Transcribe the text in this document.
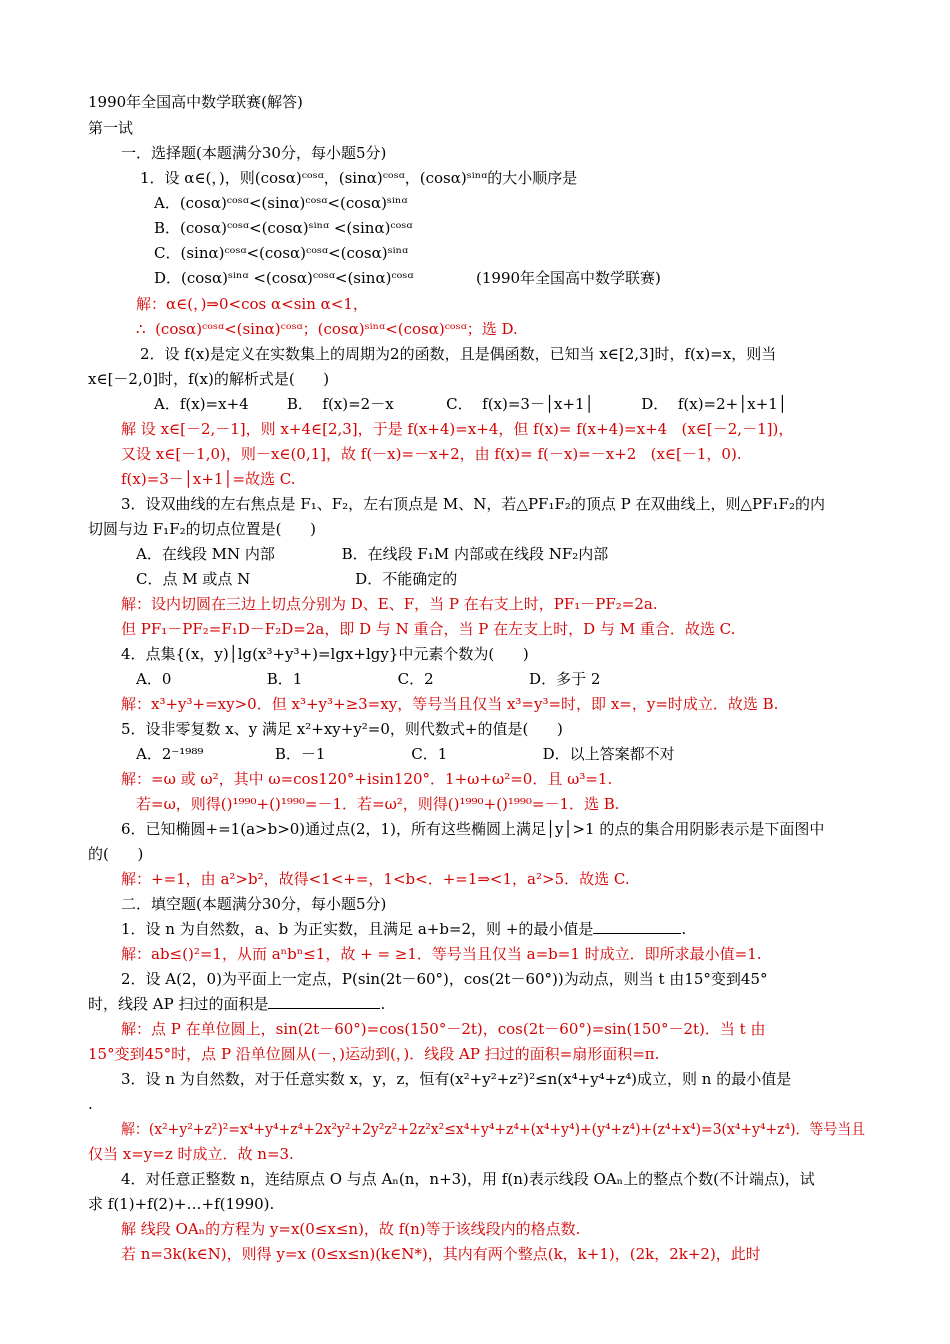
1990年全国高中数学联赛(解答)
第一试
一．选择题(本题满分30分，每小题5分)
1．设 α∈(，)，则(cosα)ᶜᵒˢᵅ，(sinα)ᶜᵒˢᵅ，(cosα)ˢⁱⁿᵅ的大小顺序是
A．(cosα)ᶜᵒˢᵅ<(sinα)ᶜᵒˢᵅ<(cosα)ˢⁱⁿᵅ
B．(cosα)ᶜᵒˢᵅ<(cosα)ˢⁱⁿᵅ <(sinα)ᶜᵒˢᵅ
C．(sinα)ᶜᵒˢᵅ<(cosα)ᶜᵒˢᵅ<(cosα)ˢⁱⁿᵅ
D．(cosα)ˢⁱⁿᵅ <(cosα)ᶜᵒˢᵅ<(sinα)ᶜᵒˢᵅ	(1990年全国高中数学联赛)
解：α∈(，)⇒0<cos α<sin α<1，
∴  (cosα)ᶜᵒˢᵅ<(sinα)ᶜᵒˢᵅ；(cosα)ˢⁱⁿᵅ<(cosα)ᶜᵒˢᵅ；选 D.
2．设 f(x)是定义在实数集上的周期为2的函数，且是偶函数，已知当 x∈[2,3]时，f(x)=x，则当
x∈[－2,0]时，f(x)的解析式是(      )
A．f(x)=x+4        B．  f(x)=2－x           C．  f(x)=3－│x+1│          D．  f(x)=2+│x+1│
解 设 x∈[－2,－1]，则 x+4∈[2,3]，于是 f(x+4)=x+4，但 f(x)= f(x+4)=x+4   (x∈[－2,－1])，
又设 x∈[－1,0)，则－x∈(0,1]，故 f(－x)=－x+2，由 f(x)= f(－x)=－x+2   (x∈[－1，0).
f(x)=3－│x+1│=故选 C.
3．设双曲线的左右焦点是 F₁、F₂，左右顶点是 M、N，若△PF₁F₂的顶点 P 在双曲线上，则△PF₁F₂的内
切圆与边 F₁F₂的切点位置是(      )
A．在线段 MN 内部              B．在线段 F₁M 内部或在线段 NF₂内部
C．点 M 或点 N                      D．不能确定的
解：设内切圆在三边上切点分别为 D、E、F，当 P 在右支上时，PF₁－PF₂=2a.
但 PF₁－PF₂=F₁D－F₂D=2a，即 D 与 N 重合，当 P 在左支上时，D 与 M 重合．故选 C.
4．点集{(x，y)│lg(x³+y³+)=lgx+lgy}中元素个数为(      )
A．0                    B．1                    C．2                    D．多于 2
解：x³+y³+=xy>0．但 x³+y³+≥3=xy，等号当且仅当 x³=y³=时，即 x=，y=时成立．故选 B.
5．设非零复数 x、y 满足 x²+xy+y²=0，则代数式+的值是(      )
A．2⁻¹⁹⁸⁹               B．－1                  C．1                    D．以上答案都不对
解：=ω 或 ω²，其中 ω=cos120°+isin120°．1+ω+ω²=0．且 ω³=1.
若=ω，则得()¹⁹⁹⁰+()¹⁹⁹⁰=－1．若=ω²，则得()¹⁹⁹⁰+()¹⁹⁹⁰=－1．选 B.
6．已知椭圆+=1(a>b>0)通过点(2，1)，所有这些椭圆上满足│y│>1 的点的集合用阴影表示是下面图中
的(      )
解：+=1，由 a²>b²，故得<1<+=，1<b<．+=1⇒<1，a²>5．故选 C.
二．填空题(本题满分30分，每小题5分)
1．设 n 为自然数，a、b 为正实数，且满足 a+b=2，则 +的最小值是	.
解：ab≤()²=1，从而 aⁿbⁿ≤1，故 + = ≥1．等号当且仅当 a=b=1 时成立．即所求最小值=1.
2．设 A(2，0)为平面上一定点，P(sin(2t－60°)，cos(2t－60°))为动点，则当 t 由15°变到45°
时，线段 AP 扫过的面积是	.
解：点 P 在单位圆上，sin(2t－60°)=cos(150°－2t)，cos(2t－60°)=sin(150°－2t)．当 t 由
15°变到45°时，点 P 沿单位圆从(－，)运动到(，)．线段 AP 扫过的面积=扇形面积=π.
3．设 n 为自然数，对于任意实数 x，y，z，恒有(x²+y²+z²)²≤n(x⁴+y⁴+z⁴)成立，则 n 的最小值是
.
解：(x²+y²+z²)²=x⁴+y⁴+z⁴+2x²y²+2y²z²+2z²x²≤x⁴+y⁴+z⁴+(x⁴+y⁴)+(y⁴+z⁴)+(z⁴+x⁴)=3(x⁴+y⁴+z⁴)．等号当且
仅当 x=y=z 时成立．故 n=3.
4．对任意正整数 n，连结原点 O 与点 Aₙ(n，n+3)，用 f(n)表示线段 OAₙ上的整点个数(不计端点)，试
求 f(1)+f(2)+…+f(1990).
解 线段 OAₙ的方程为 y=x(0≤x≤n)，故 f(n)等于该线段内的格点数.
若 n=3k(k∈N)，则得 y=x (0≤x≤n)(k∈N*)，其内有两个整点(k，k+1)，(2k，2k+2)，此时
